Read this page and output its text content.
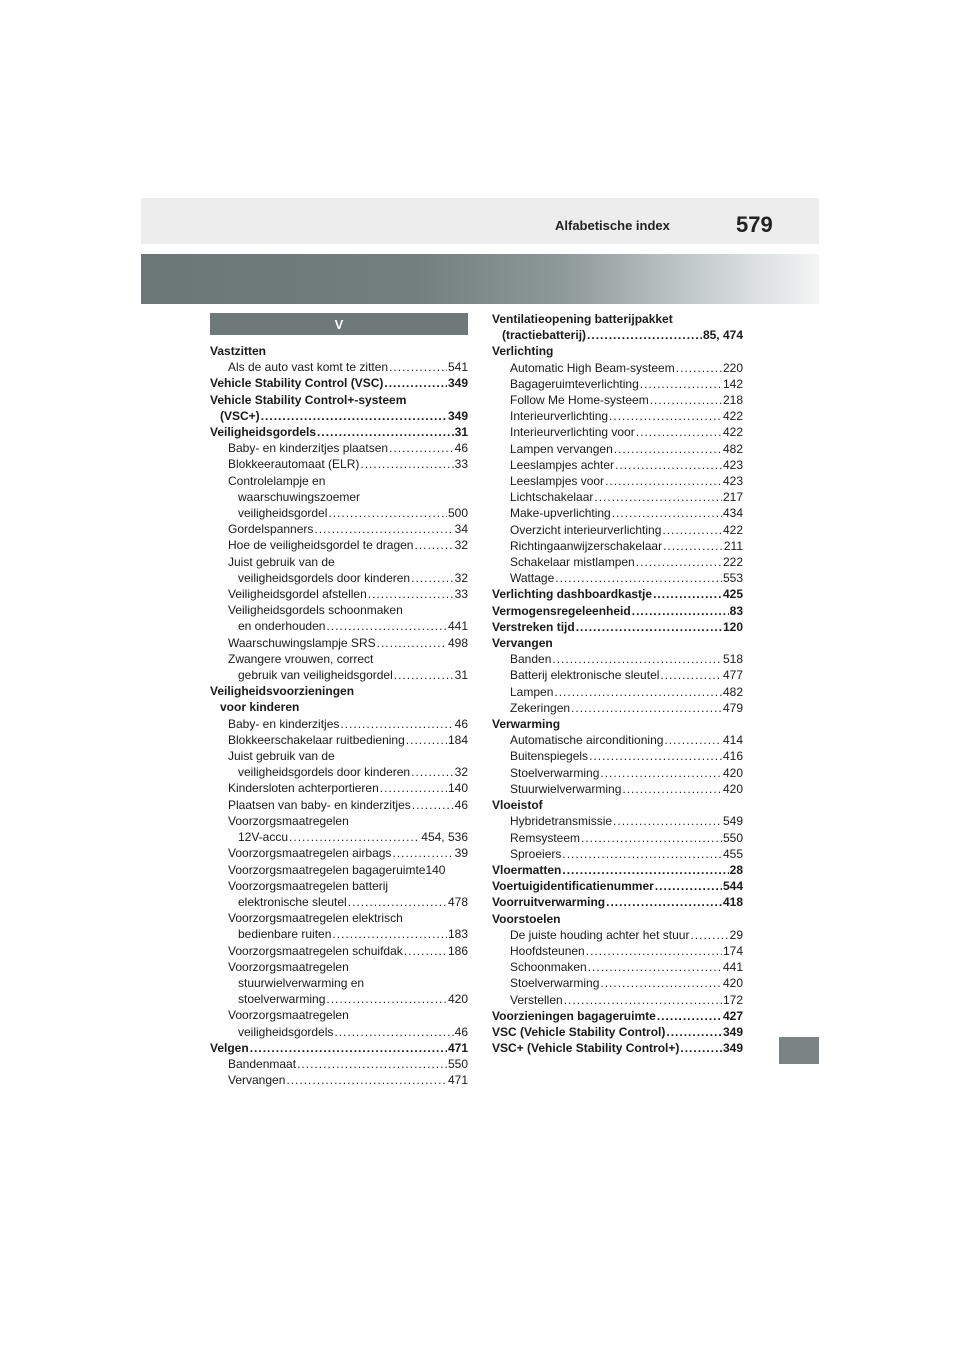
Alfabetische index	579
V
Vastzitten
Als de auto vast komt te zitten .....	541
Vehicle Stability Control (VSC) .....	349
Vehicle Stability Control+-systeem
(VSC+) .....	349
Veiligheidsgordels .....	31
Baby- en kinderzitjes plaatsen .....	46
Blokkeerautomaat (ELR) .....	33
Controlelampje en
waarschuwingszoemer
veiligheidsgordel .....	500
Gordelspanners .....	34
Hoe de veiligheidsgordel te dragen .....	32
Juist gebruik van de
veiligheidsgordels door kinderen .....	32
Veiligheidsgordel afstellen .....	33
Veiligheidsgordels schoonmaken
en onderhouden .....	441
Waarschuwingslampje SRS .....	498
Zwangere vrouwen, correct
gebruik van veiligheidsgordel .....	31
Veiligheidsvoorzieningen
voor kinderen
Baby- en kinderzitjes .....	46
Blokkeerschakelaar ruitbediening .....	184
Juist gebruik van de
veiligheidsgordels door kinderen .....	32
Kindersloten achterportieren .....	140
Plaatsen van baby- en kinderzitjes .....	46
Voorzorgsmaatregelen
12V-accu .....	454, 536
Voorzorgsmaatregelen airbags .....	39
Voorzorgsmaatregelen bagageruimte140
Voorzorgsmaatregelen batterij
elektronische sleutel .....	478
Voorzorgsmaatregelen elektrisch
bedienbare ruiten .....	183
Voorzorgsmaatregelen schuifdak .....	186
Voorzorgsmaatregelen
stuurwielverwarming en
stoelverwarming .....	420
Voorzorgsmaatregelen
veiligheidsgordels .....	46
Velgen .....	471
Bandenmaat .....	550
Vervangen .....	471
Ventilatieopening batterijpakket
(tractiebatterij) .....	85, 474
Verlichting
Automatic High Beam-systeem .....	220
Bagageruimteverlichting .....	142
Follow Me Home-systeem .....	218
Interieurverlichting .....	422
Interieurverlichting voor .....	422
Lampen vervangen .....	482
Leeslampjes achter .....	423
Leeslampjes voor .....	423
Lichtschakelaar .....	217
Make-upverlichting .....	434
Overzicht interieurverlichting .....	422
Richtingaanwijzerschakelaar .....	211
Schakelaar mistlampen .....	222
Wattage .....	553
Verlichting dashboardkastje .....	425
Vermogensregeleenheid .....	83
Verstreken tijd .....	120
Vervangen
Banden .....	518
Batterij elektronische sleutel .....	477
Lampen .....	482
Zekeringen .....	479
Verwarming
Automatische airconditioning .....	414
Buitenspiegels .....	416
Stoelverwarming .....	420
Stuurwielverwarming .....	420
Vloeistof
Hybridetransmissie .....	549
Remsysteem .....	550
Sproeiers .....	455
Vloermatten .....	28
Voertuigidentificatienummer .....	544
Voorruitverwarming .....	418
Voorstoelen
De juiste houding achter het stuur .....	29
Hoofdsteunen .....	174
Schoonmaken .....	441
Stoelverwarming .....	420
Verstellen .....	172
Voorzieningen bagageruimte .....	427
VSC (Vehicle Stability Control) .....	349
VSC+ (Vehicle Stability Control+) .....	349
